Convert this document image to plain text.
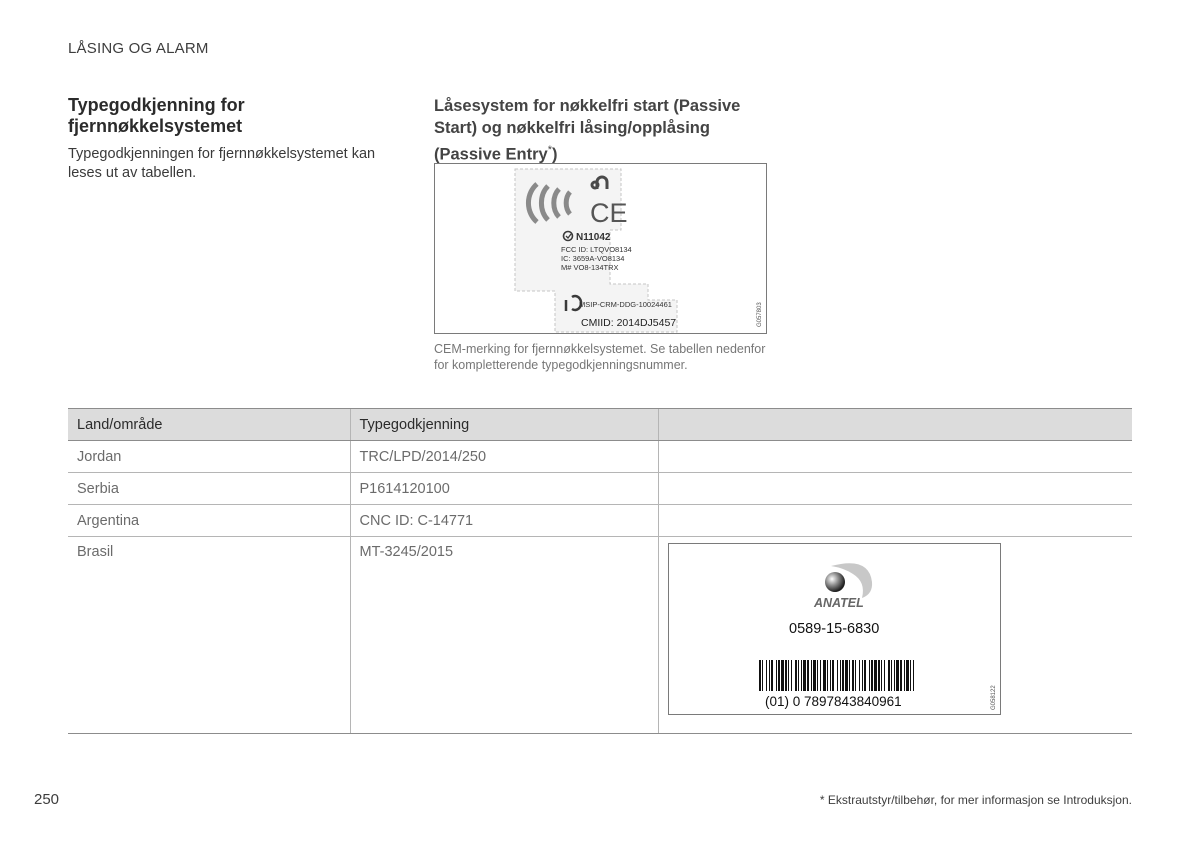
LÅSING OG ALARM
Typegodkjenning for fjernnøkkelsystemet

Typegodkjenningen for fjernnøkkelsystemet kan leses ut av tabellen.

Låsesystem for nøkkelfri start (Passive Start) og nøkkelfri låsing/opplåsing (Passive Entry*)
CE
N11042
FCC ID: LTQVO8134
IC: 3659A-VO8134
M# VO8-134TRX
MSIP-CRM-DDG-10024461
CMIID: 2014DJ5457	G057803
CEM-merking for fjernnøkkelsystemet. Se tabellen nedenfor for kompletterende typegodkjenningsnummer.
Land/område	Typegodkjenning	
Jordan	TRC/LPD/2014/250	
Serbia	P1614120100	
Argentina	CNC ID: C-14771	
Brasil	MT-3245/2015	ANATEL
0589-15-6830
(01) 0 7897843840961 G058122
250	* Ekstrautstyr/tilbehør, for mer informasjon se Introduksjon.
